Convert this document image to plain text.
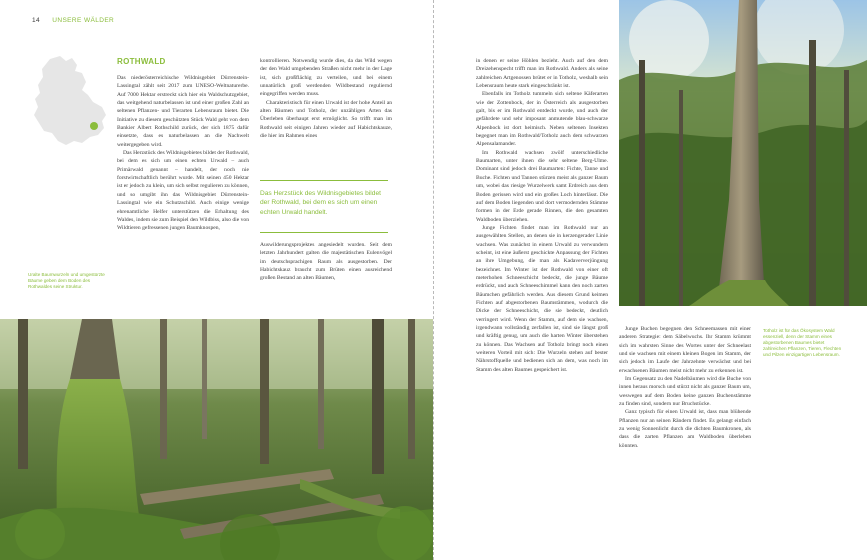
14 UNSERE WÄLDER
ROTHWALD

Das niederösterreichische Wildnisgebiet Dürrenstein-Lassingtal zählt seit 2017 zum UNESO-Weltnaturerbe. Auf 7000 Hektar erstreckt sich hier ein Waldschutzgebiet, das weitgehend naturbelassen ist und einer großen Zahl an seltenen Pflanzen- und Tierarten Lebensraum bietet. Die Initiative zu diesem geschützten Stück Wald geht von dem Bankier Albert Rothschild zurück, der sich 1875 dafür einsetzte, dass es naturbelassen an die Nachwelt weitergegeben wird.

Das Herzstück des Wildnisgebietes bildet der Rothwald, bei dem es sich um einen echten Urwald – auch Primärwald genannt – handelt, der noch nie forstwirtschaftlich berührt wurde. Mit seinen 450 Hektar ist er jedoch zu klein, um sich selbst regulieren zu können, und so umgibt ihn das Wildnisgebiet Dürrenstein-Lassingtal wie ein Schutzschild. Auch einige wenige ehrenamtliche Helfer unterstützen die Erhaltung des Waldes, indem sie zum Beispiel den Wildbiss, also die von Wildtieren gefressenen jungen Baumknospen,

kontrollieren. Notwendig wurde dies, da das Wild wegen der den Wald umgebenden Straßen nicht mehr in der Lage ist, sich großflächig zu verteilen, und bei einem unnatürlich groß werdenden Wildbestand reguliernd eingegriffen werden muss.

Charakteristisch für einen Urwald ist der hohe Anteil an alten Bäumen und Totholz, der unzähligen Arten das Überleben überhaupt erst ermöglicht. So trifft man im Rothwald seit einigen Jahren wieder auf Habichtskauze, die hier im Rahmen eines

Das Herzstück des Wildnisgebietes bildet der Rothwald, bei dem es sich um einen echten Urwald handelt.

Auswilderungsprojektes angesiedelt wurden. Seit dem letzten Jahrhundert galten die majestätischen Eulenvögel im deutschsprachigen Raum als ausgestorben. Der Habichtskauz braucht zum Brüten einen ausreichend großen Bestand an alten Bäumen,

Uralte Baumwurzeln und umgestürzte Bäume geben dem Boden des Rothwaldes seine Struktur.

in denen er seine Höhlen bezieht. Auch auf den dem Dreizehenspecht trifft man im Rothwald. Anders als seine zahlreichen Artgenossen brütet er in Totholz, weshalb sein Lebensraum heute stark eingeschränkt ist.

Ebenfalls im Totholz tummeln sich seltene Käferarten wie der Zottenbock, der in Österreich als ausgestorben galt, bis er im Rothwald entdeckt wurde, und auch der gefährdete und sehr imposant anmutende blau-schwarze Alpenbock ist dort heimisch. Neben seltenen Insekten begegnet man im Rothwald/Totholz auch dem schwarzen Alpensalamander.

Im Rothwald wachsen zwölf unterschiedliche Baumarten, unter ihnen die sehr seltene Berg-Ulme. Dominant sind jedoch drei Baumarten: Fichte, Tanne und Buche. Fichten und Tannen stürzen meist als ganzer Baum um, wobei das riesige Wurzelwerk samt Erdreich aus dem Boden gerissen wird und ein großes Loch hinterlässt. Die auf dem Boden liegenden und dort vermodernden Stämme formen in der Erde gerade Rinnen, die den gesamten Waldboden überziehen.

Junge Fichten findet man im Rothwald nur an ausgewählten Stellen, an denen sie in kerzengerader Linie wachsen. Was zunächst in einem Urwald zu verwundern scheint, ist eine äußerst geschickte Anpassung der Fichten an ihre Umgebung, die man als Kadaververjüngung bezeichnet. Im Winter ist der Rothwald von einer oft meterhohen Schneeschicht bedeckt, die junge Bäume erdrückt, und auch Schneeschimmel kann den noch zarten Bäumchen gefährlich werden. Aus diesem Grund keimen Fichten auf abgestorbenen Baumstämmen, wodurch die Dicke der Schneeschicht, die sie bedeckt, deutlich verringert wird. Wenn der Stamm, auf dem sie wachsen, irgendwann vollständig zerfallen ist, sind sie längst groß und kräftig genug, um auch die harten Winter überstehen zu können. Das Wachsen auf Totholz bringt noch einen weiteren Vorteil mit sich: Die Wurzeln stehen auf bester Nährstoffquelle und bedienen sich an dem, was noch im Stamm des alten Baumes gespeichert ist.

Junge Buchen begegnen den Schneemassen mit einer anderen Strategie: dem Säbelwuchs. Ihr Stamm krümmt sich im wahrsten Sinne des Wortes unter der Schneelast und sie wachsen mit einem kleinen Bogen im Stamm, der sich jedoch im Laufe der Jahrzehnte verwächst und bei erwachsenen Bäumen meist nicht mehr zu erkennen ist.

Im Gegensatz zu den Nadelbäumen wird die Buche von innen heraus morsch und stürzt nicht als ganzer Baum um, weswegen auf dem Boden keine ganzen Buchenstämme zu finden sind, sondern nur Bruchstücke.

Ganz typisch für einen Urwald ist, dass man blühende Pflanzen nur an seinen Rändern findet. Es gelangt einfach zu wenig Sonnenlicht durch die dichten Baumkronen, als dass die zarten Pflanzen am Waldboden überleben könnten.

Totholz ist für das Ökosystem Wald essenziell, denn der Stamm eines abgestorbenen Baumes bietet zahlreichen Pflanzen, Tieren, Flechten und Pilzen einzigartigen Lebensraum.
